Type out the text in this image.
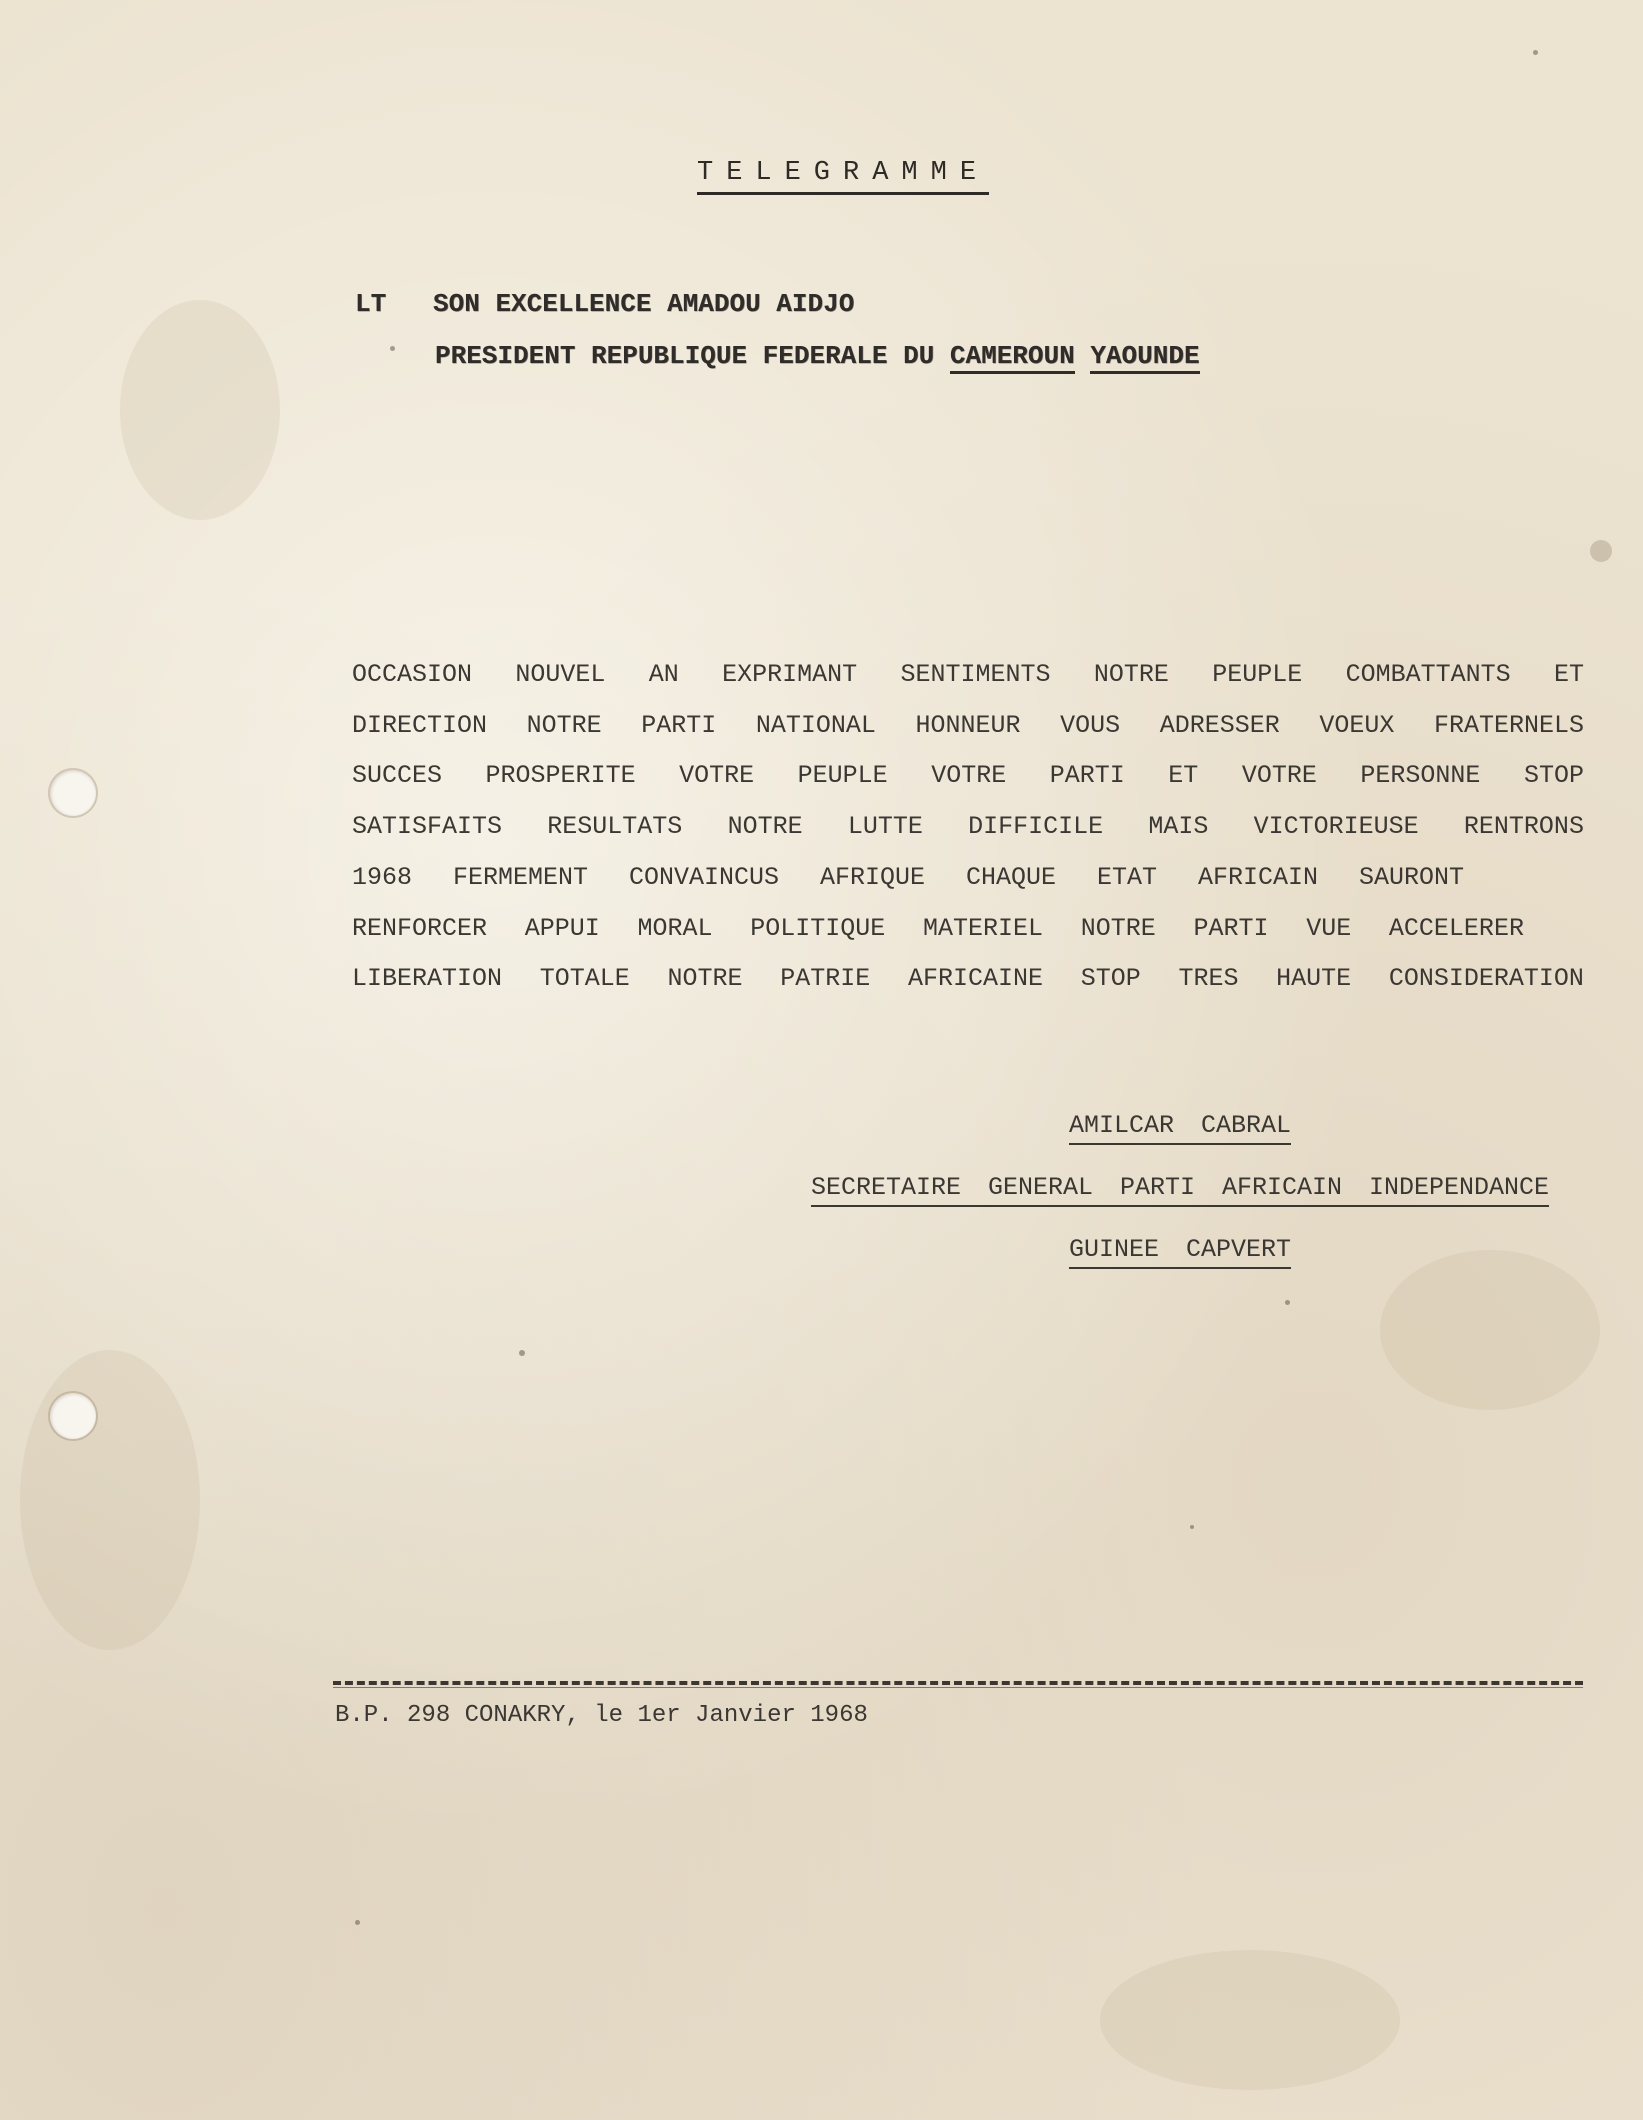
TELEGRAMME
LT SON EXCELLENCE AMADOU AIDJO
PRESIDENT REPUBLIQUE FEDERALE DU CAMEROUN YAOUNDE
OCCASION NOUVEL AN EXPRIMANT SENTIMENTS NOTRE PEUPLE COMBATTANTS ET
DIRECTION NOTRE PARTI NATIONAL HONNEUR VOUS ADRESSER VOEUX FRATERNELS
SUCCES PROSPERITE VOTRE PEUPLE VOTRE PARTI ET VOTRE PERSONNE STOP
SATISFAITS RESULTATS NOTRE LUTTE DIFFICILE MAIS VICTORIEUSE RENTRONS
1968 FERMEMENT CONVAINCUS AFRIQUE CHAQUE ETAT AFRICAIN SAURONT
RENFORCER APPUI MORAL POLITIQUE MATERIEL NOTRE PARTI VUE ACCELERER
LIBERATION TOTALE NOTRE PATRIE AFRICAINE STOP TRES HAUTE CONSIDERATION
AMILCAR CABRAL
SECRETAIRE GENERAL PARTI AFRICAIN INDEPENDANCE
GUINEE CAPVERT
B.P. 298 CONAKRY, le 1er Janvier 1968
